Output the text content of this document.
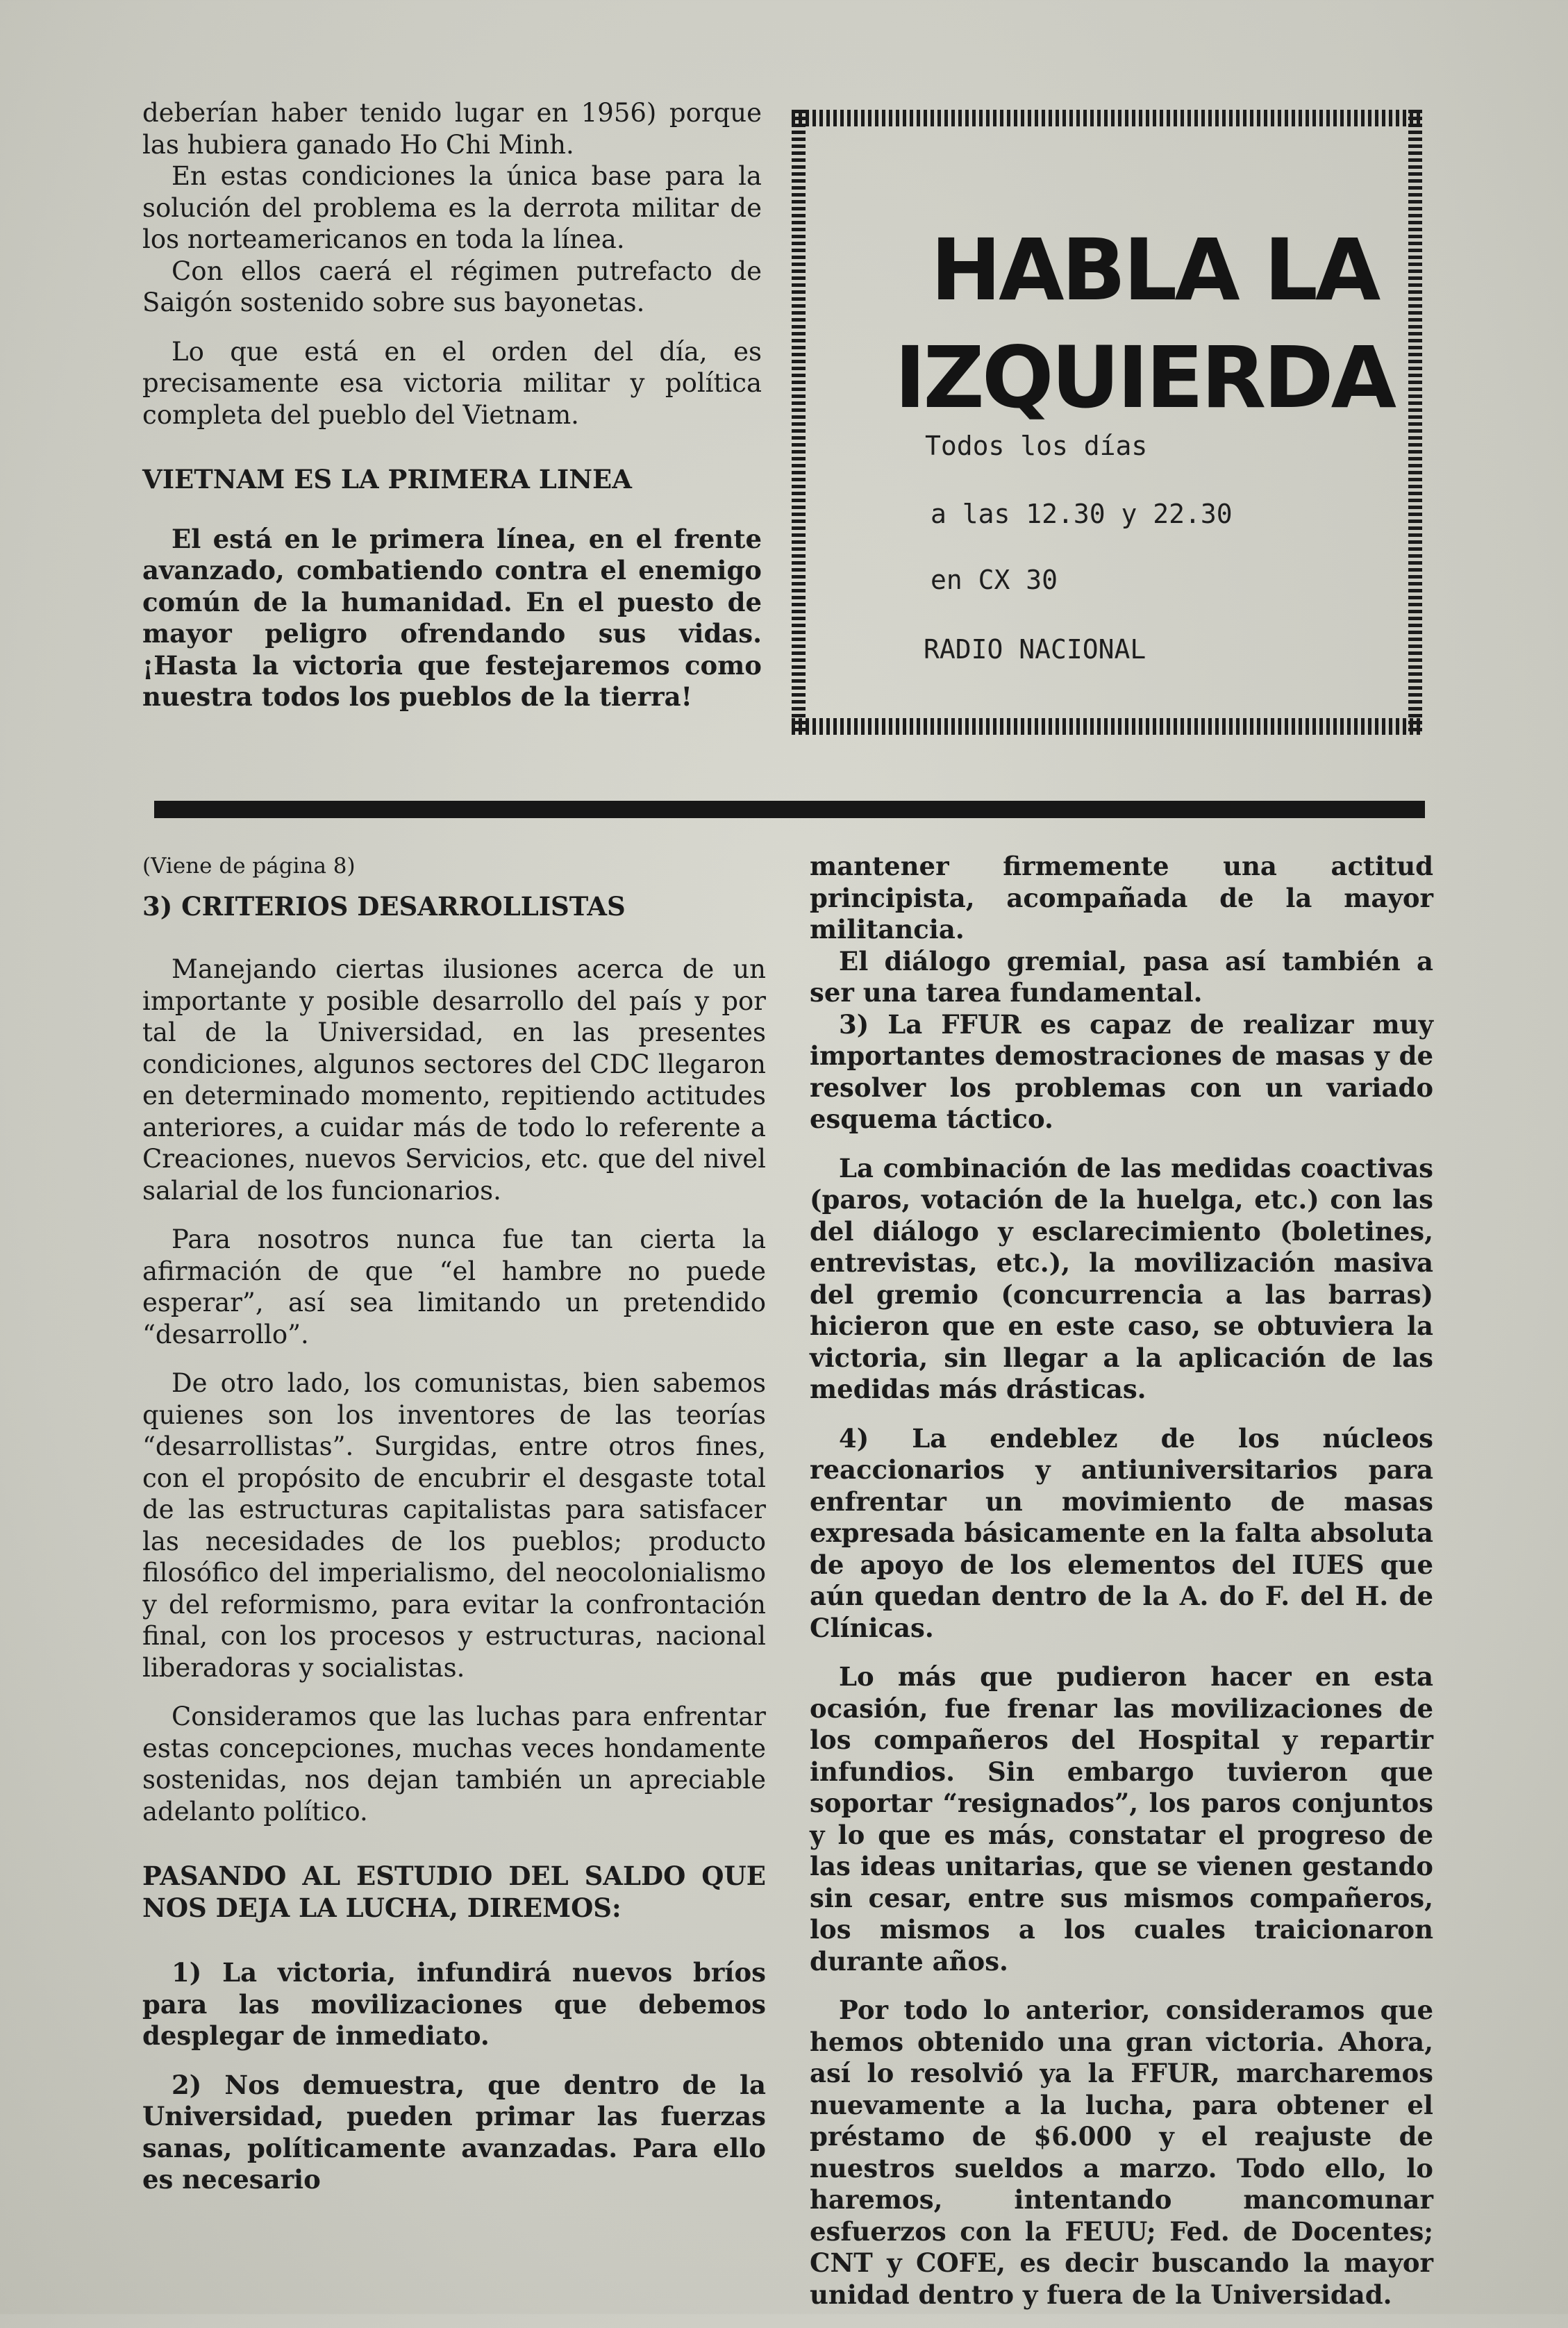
deberían haber tenido lugar en 1956) porque las hubiera ganado Ho Chi Minh.

En estas condiciones la única base para la solución del problema es la derrota militar de los norteamericanos en toda la línea.

Con ellos caerá el régimen putrefacto de Saigón sostenido sobre sus bayonetas.

Lo que está en el orden del día, es precisamente esa victoria militar y política completa del pueblo del Vietnam.

VIETNAM ES LA PRIMERA LINEA

El está en le primera línea, en el frente avanzado, combatiendo contra el enemigo común de la humanidad. En el puesto de mayor peligro ofrendando sus vidas. ¡Hasta la victoria que festejaremos como nuestra todos los pueblos de la tierra!

HABLA LA
IZQUIERDA
Todos los días
a las 12.30 y 22.30
en CX 30
RADIO NACIONAL

(Viene de página 8)

3) CRITERIOS DESARROLLISTAS

Manejando ciertas ilusiones acerca de un importante y posible desarrollo del país y por tal de la Universidad, en las presentes condiciones, algunos sectores del CDC llegaron en determinado momento, repitiendo actitudes anteriores, a cuidar más de todo lo referente a Creaciones, nuevos Servicios, etc. que del nivel salarial de los funcionarios.

Para nosotros nunca fue tan cierta la afirmación de que “el hambre no puede esperar”, así sea limitando un pretendido “desarrollo”.

De otro lado, los comunistas, bien sabemos quienes son los inventores de las teorías “desarrollistas”. Surgidas, entre otros fines, con el propósito de encubrir el desgaste total de las estructuras capitalistas para satisfacer las necesidades de los pueblos; producto filosófico del imperialismo, del neocolonialismo y del reformismo, para evitar la confrontación final, con los procesos y estructuras, nacional liberadoras y socialistas.

Consideramos que las luchas para enfrentar estas concepciones, muchas veces hondamente sostenidas, nos dejan también un apreciable adelanto político.

PASANDO AL ESTUDIO DEL SALDO QUE NOS DEJA LA LUCHA, DIREMOS:

1) La victoria, infundirá nuevos bríos para las movilizaciones que debemos desplegar de inmediato.

2) Nos demuestra, que dentro de la Universidad, pueden primar las fuerzas sanas, políticamente avanzadas. Para ello es necesario

mantener firmemente una actitud principista, acompañada de la mayor militancia.

El diálogo gremial, pasa así también a ser una tarea fundamental.

3) La FFUR es capaz de realizar muy importantes demostraciones de masas y de resolver los problemas con un variado esquema táctico.

La combinación de las medidas coactivas (paros, votación de la huelga, etc.) con las del diálogo y esclarecimiento (boletines, entrevistas, etc.), la movilización masiva del gremio (concurrencia a las barras) hicieron que en este caso, se obtuviera la victoria, sin llegar a la aplicación de las medidas más drásticas.

4) La endeblez de los núcleos reaccionarios y antiuniversitarios para enfrentar un movimiento de masas expresada básicamente en la falta absoluta de apoyo de los elementos del IUES que aún quedan dentro de la A. do F. del H. de Clínicas.

Lo más que pudieron hacer en esta ocasión, fue frenar las movilizaciones de los compañeros del Hospital y repartir infundios. Sin embargo tuvieron que soportar “resignados”, los paros conjuntos y lo que es más, constatar el progreso de las ideas unitarias, que se vienen gestando sin cesar, entre sus mismos compañeros, los mismos a los cuales traicionaron durante años.

Por todo lo anterior, consideramos que hemos obtenido una gran victoria. Ahora, así lo resolvió ya la FFUR, marcharemos nuevamente a la lucha, para obtener el préstamo de $6.000 y el reajuste de nuestros sueldos a marzo. Todo ello, lo haremos, intentando mancomunar esfuerzos con la FEUU; Fed. de Docentes; CNT y COFE, es decir buscando la mayor unidad dentro y fuera de la Universidad.
